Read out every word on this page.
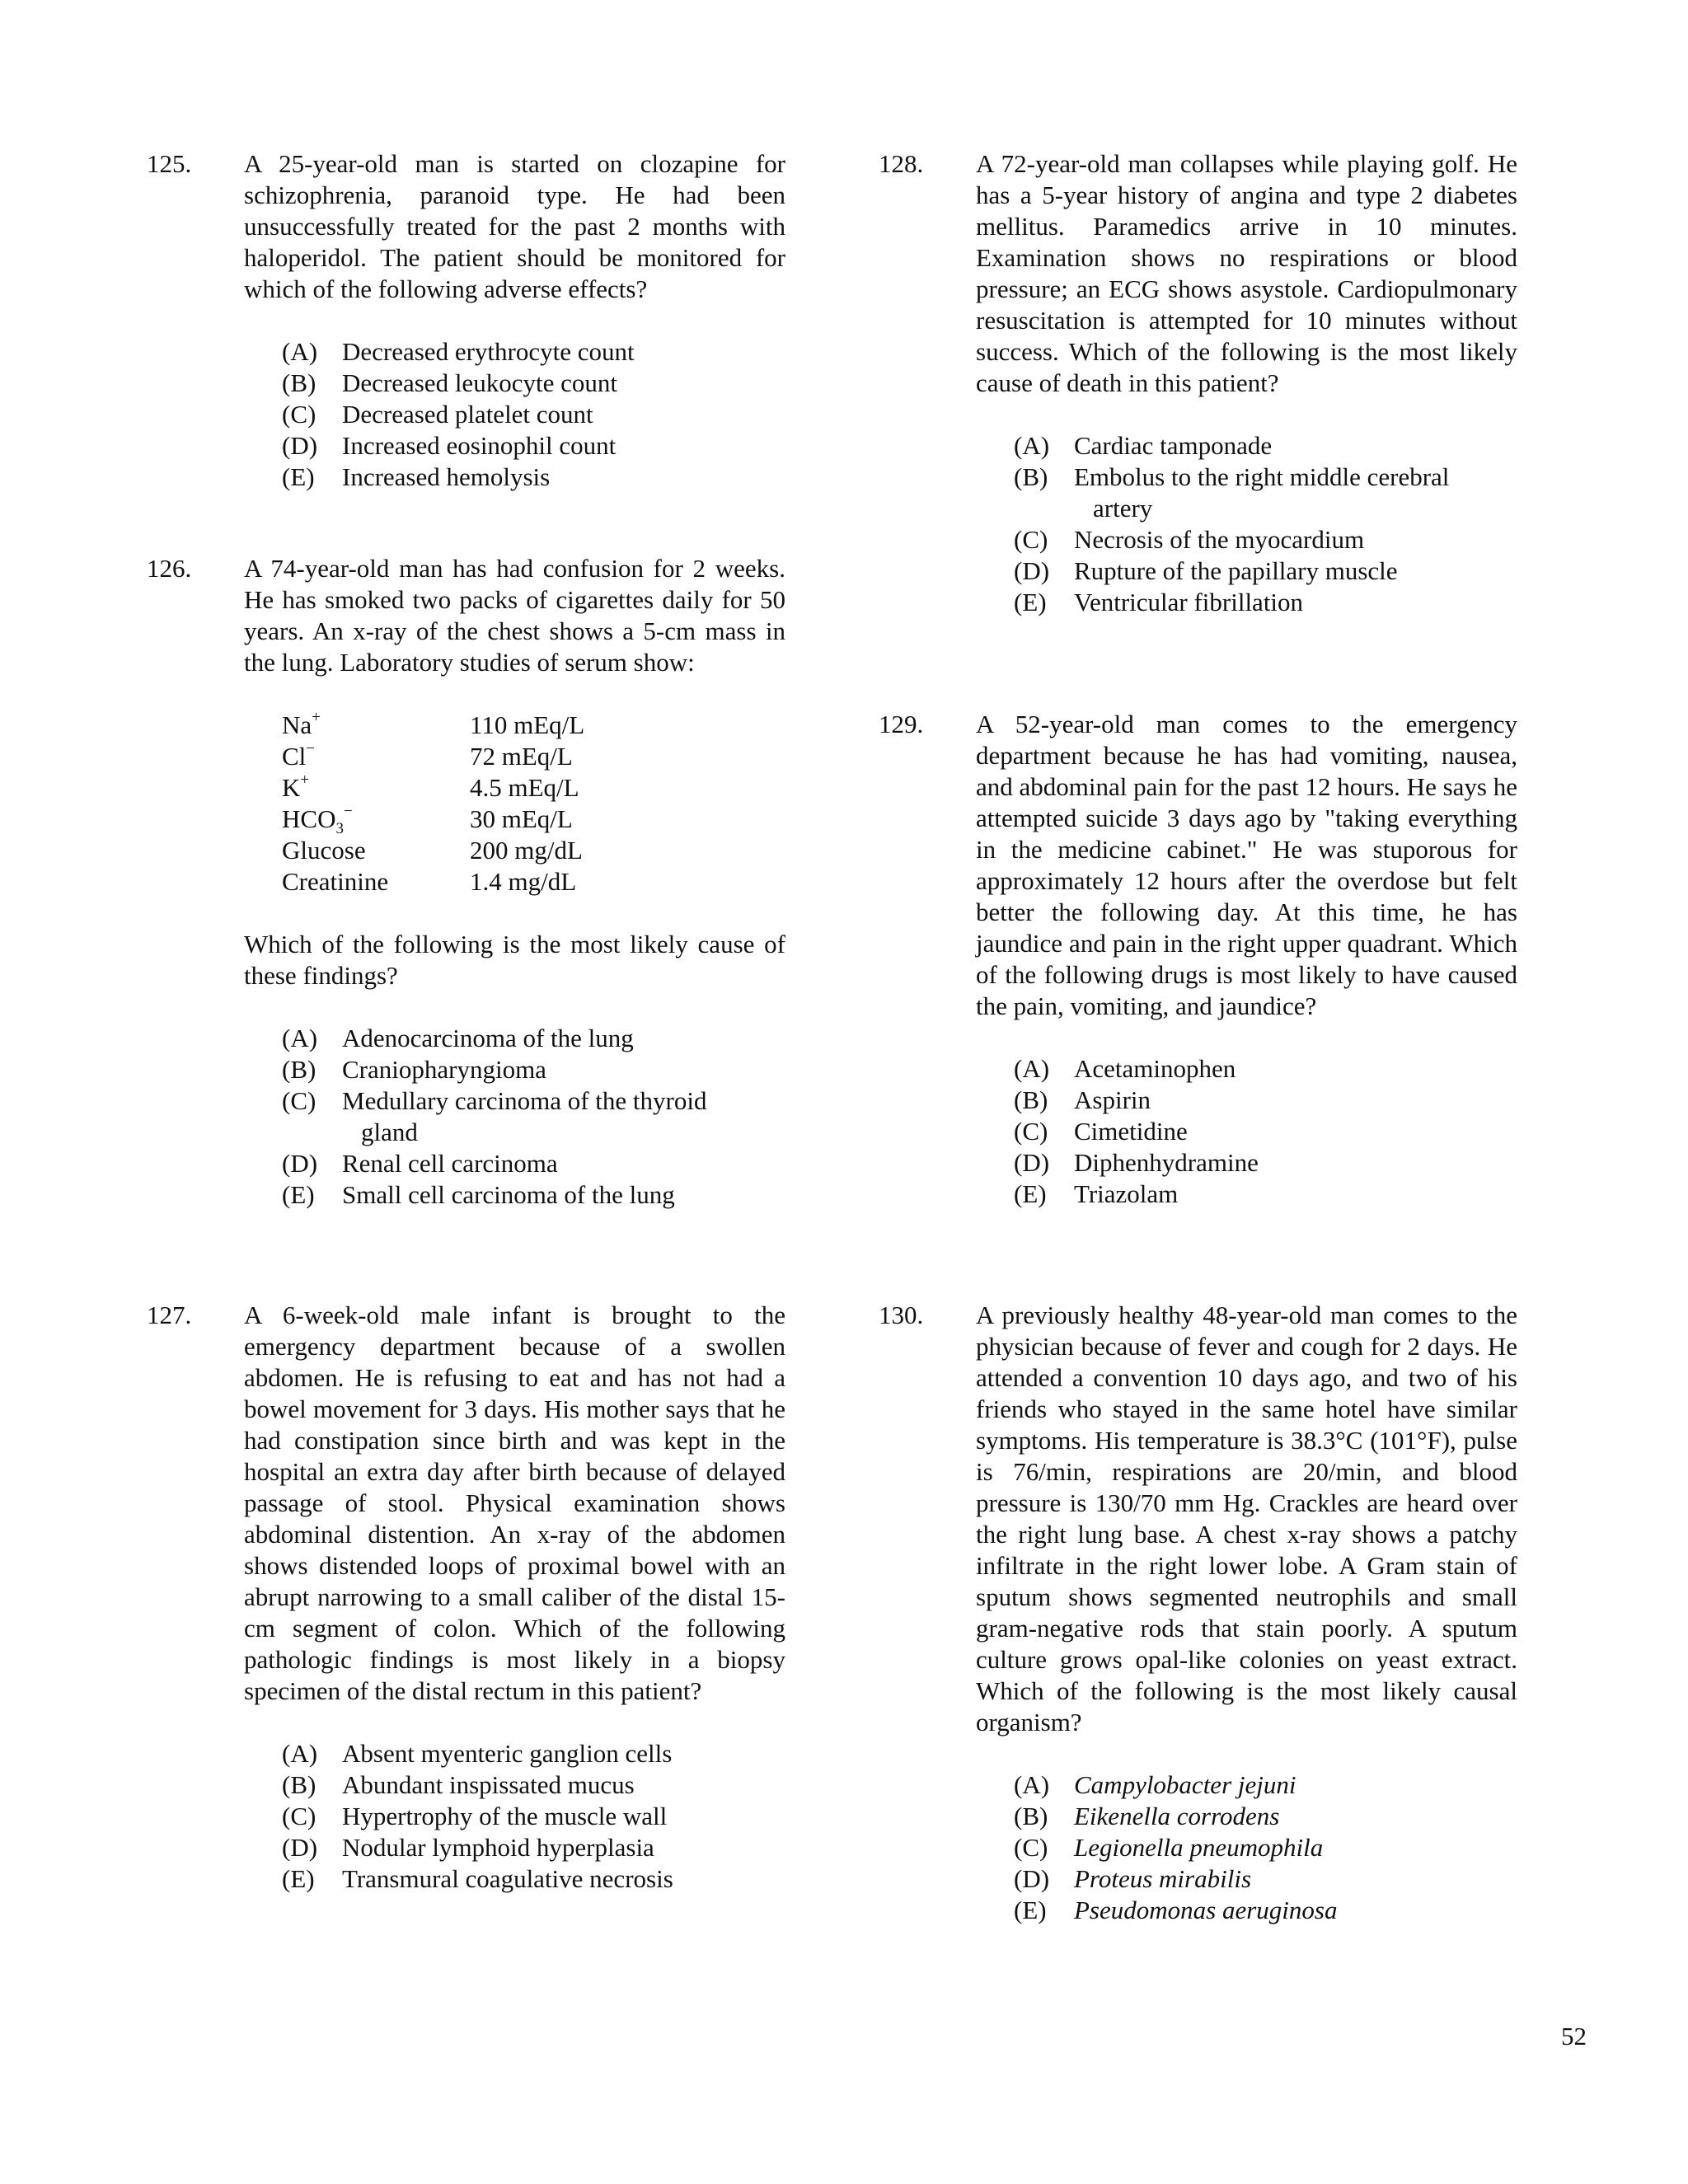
125. A 25-year-old man is started on clozapine for schizophrenia, paranoid type. He had been unsuccessfully treated for the past 2 months with haloperidol. The patient should be monitored for which of the following adverse effects?
(A) Decreased erythrocyte count
(B) Decreased leukocyte count
(C) Decreased platelet count
(D) Increased eosinophil count
(E) Increased hemolysis
126. A 74-year-old man has had confusion for 2 weeks. He has smoked two packs of cigarettes daily for 50 years. An x-ray of the chest shows a 5-cm mass in the lung. Laboratory studies of serum show:
Na+	110 mEq/L
Cl−	72 mEq/L
K+	4.5 mEq/L
$HCO_3^-$	30 mEq/L
Glucose	200 mg/dL
Creatinine	1.4 mg/dL
Which of the following is the most likely cause of these findings?
(A) Adenocarcinoma of the lung
(B) Craniopharyngioma
(C) Medullary carcinoma of the thyroid
gland
(D) Renal cell carcinoma
(E) Small cell carcinoma of the lung
127. A 6-week-old male infant is brought to the emergency department because of a swollen abdomen. He is refusing to eat and has not had a bowel movement for 3 days. His mother says that he had constipation since birth and was kept in the hospital an extra day after birth because of delayed passage of stool. Physical examination shows abdominal distention. An x-ray of the abdomen shows distended loops of proximal bowel with an abrupt narrowing to a small caliber of the distal 15-cm segment of colon. Which of the following pathologic findings is most likely in a biopsy specimen of the distal rectum in this patient?
(A) Absent myenteric ganglion cells
(B) Abundant inspissated mucus
(C) Hypertrophy of the muscle wall
(D) Nodular lymphoid hyperplasia
(E) Transmural coagulative necrosis
128. A 72-year-old man collapses while playing golf. He has a 5-year history of angina and type 2 diabetes mellitus. Paramedics arrive in 10 minutes. Examination shows no respirations or blood pressure; an ECG shows asystole. Cardiopulmonary resuscitation is attempted for 10 minutes without success. Which of the following is the most likely cause of death in this patient?
(A) Cardiac tamponade
(B) Embolus to the right middle cerebral
artery
(C) Necrosis of the myocardium
(D) Rupture of the papillary muscle
(E) Ventricular fibrillation
129. A 52-year-old man comes to the emergency department because he has had vomiting, nausea, and abdominal pain for the past 12 hours. He says he attempted suicide 3 days ago by "taking everything in the medicine cabinet." He was stuporous for approximately 12 hours after the overdose but felt better the following day. At this time, he has jaundice and pain in the right upper quadrant. Which of the following drugs is most likely to have caused the pain, vomiting, and jaundice?
(A) Acetaminophen
(B) Aspirin
(C) Cimetidine
(D) Diphenhydramine
(E) Triazolam
130. A previously healthy 48-year-old man comes to the physician because of fever and cough for 2 days. He attended a convention 10 days ago, and two of his friends who stayed in the same hotel have similar symptoms. His temperature is 38.3°C (101°F), pulse is 76/min, respirations are 20/min, and blood pressure is 130/70 mm Hg. Crackles are heard over the right lung base. A chest x-ray shows a patchy infiltrate in the right lower lobe. A Gram stain of sputum shows segmented neutrophils and small gram-negative rods that stain poorly. A sputum culture grows opal-like colonies on yeast extract. Which of the following is the most likely causal organism?
(A) Campylobacter jejuni
(B) Eikenella corrodens
(C) Legionella pneumophila
(D) Proteus mirabilis
(E) Pseudomonas aeruginosa
52
